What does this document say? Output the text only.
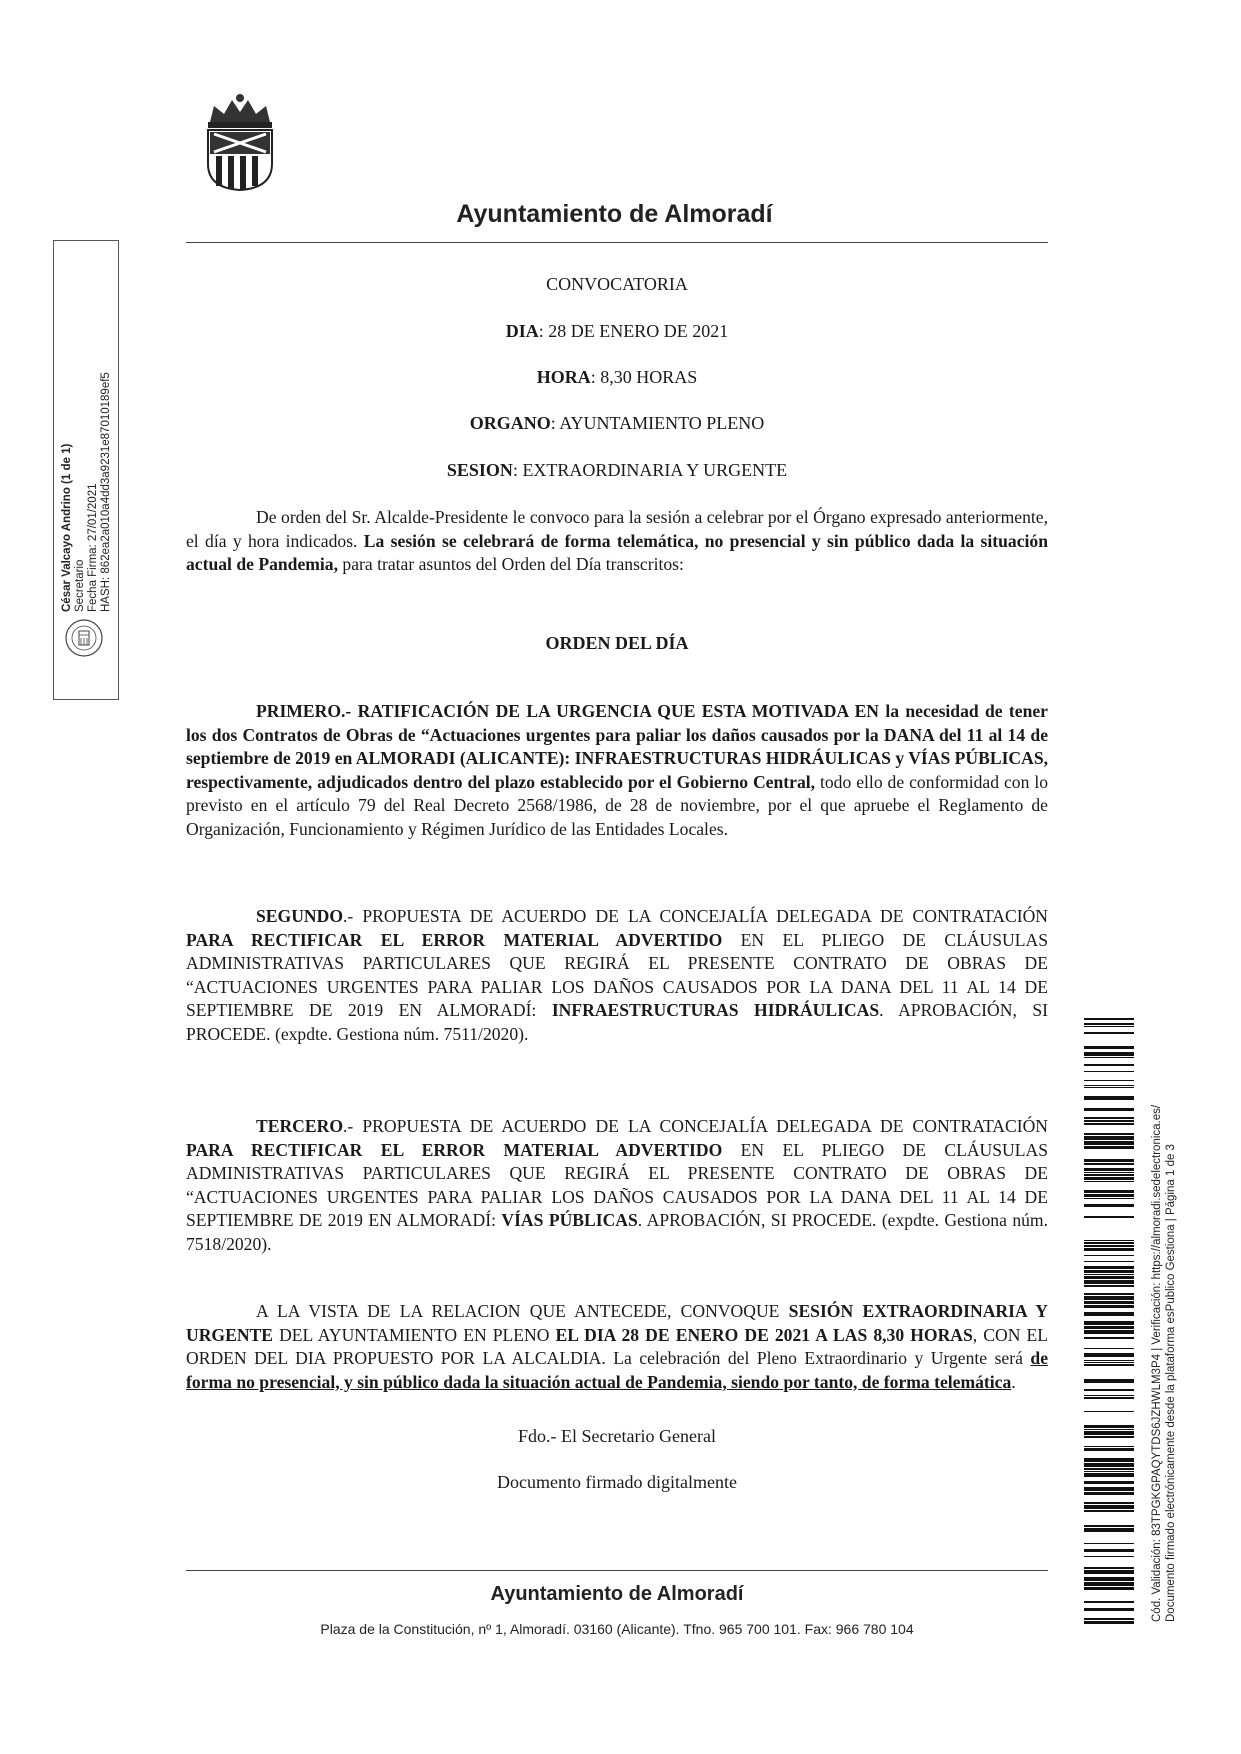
Ayuntamiento de Almoradí
César Valcayo Andrino (1 de 1) Secretario Fecha Firma: 27/01/2021 HASH: 862ea2a010a4dd3a9231e87010189ef5
CONVOCATORIA
DIA: 28 DE ENERO DE 2021
HORA: 8,30 HORAS
ORGANO: AYUNTAMIENTO PLENO
SESION: EXTRAORDINARIA Y URGENTE
De orden del Sr. Alcalde-Presidente le convoco para la sesión a celebrar por el Órgano expresado anteriormente, el día y hora indicados. La sesión se celebrará de forma telemática, no presencial y sin público dada la situación actual de Pandemia, para tratar asuntos del Orden del Día transcritos:
ORDEN DEL DÍA
PRIMERO.- RATIFICACIÓN DE LA URGENCIA QUE ESTA MOTIVADA EN la necesidad de tener los dos Contratos de Obras de “Actuaciones urgentes para paliar los daños causados por la DANA del 11 al 14 de septiembre de 2019 en ALMORADI (ALICANTE): INFRAESTRUCTURAS HIDRÁULICAS y VÍAS PÚBLICAS, respectivamente, adjudicados dentro del plazo establecido por el Gobierno Central, todo ello de conformidad con lo previsto en el artículo 79 del Real Decreto 2568/1986, de 28 de noviembre, por el que apruebe el Reglamento de Organización, Funcionamiento y Régimen Jurídico de las Entidades Locales.
SEGUNDO.- PROPUESTA DE ACUERDO DE LA CONCEJALÍA DELEGADA DE CONTRATACIÓN PARA RECTIFICAR EL ERROR MATERIAL ADVERTIDO EN EL PLIEGO DE CLÁUSULAS ADMINISTRATIVAS PARTICULARES QUE REGIRÁ EL PRESENTE CONTRATO DE OBRAS DE “ACTUACIONES URGENTES PARA PALIAR LOS DAÑOS CAUSADOS POR LA DANA DEL 11 AL 14 DE SEPTIEMBRE DE 2019 EN ALMORADÍ: INFRAESTRUCTURAS HIDRÁULICAS. APROBACIÓN, SI PROCEDE. (expdte. Gestiona núm. 7511/2020).
TERCERO.- PROPUESTA DE ACUERDO DE LA CONCEJALÍA DELEGADA DE CONTRATACIÓN PARA RECTIFICAR EL ERROR MATERIAL ADVERTIDO EN EL PLIEGO DE CLÁUSULAS ADMINISTRATIVAS PARTICULARES QUE REGIRÁ EL PRESENTE CONTRATO DE OBRAS DE “ACTUACIONES URGENTES PARA PALIAR LOS DAÑOS CAUSADOS POR LA DANA DEL 11 AL 14 DE SEPTIEMBRE DE 2019 EN ALMORADÍ: VÍAS PÚBLICAS. APROBACIÓN, SI PROCEDE. (expdte. Gestiona núm. 7518/2020).
A LA VISTA DE LA RELACION QUE ANTECEDE, CONVOQUE SESIÓN EXTRAORDINARIA Y URGENTE DEL AYUNTAMIENTO EN PLENO EL DIA 28 DE ENERO DE 2021 A LAS 8,30 HORAS, CON EL ORDEN DEL DIA PROPUESTO POR LA ALCALDIA. La celebración del Pleno Extraordinario y Urgente será de forma no presencial, y sin público dada la situación actual de Pandemia, siendo por tanto, de forma telemática.
Fdo.- El Secretario General
Documento firmado digitalmente	Cód. Validación: 83TPGKGPAQYTDS6JZHWLM3P4 | Verificación: https://almoradi.sedelectronica.es/ Documento firmado electrónicamente desde la plataforma esPublico Gestiona | Página 1 de 3
Ayuntamiento de Almoradí
Plaza de la Constitución, nº 1, Almoradí. 03160 (Alicante). Tfno. 965 700 101. Fax: 966 780 104
